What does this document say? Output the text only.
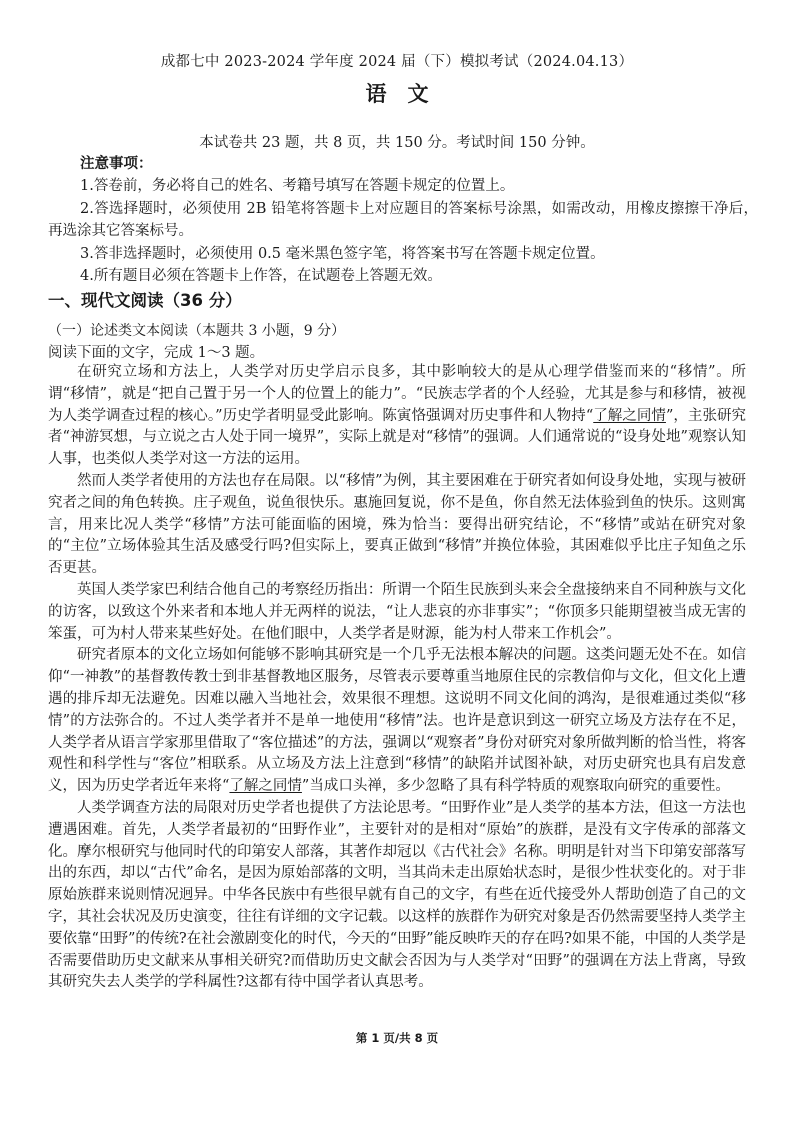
成都七中 2023-2024 学年度 2024 届（下）模拟考试（2024.04.13）
语　文
本试卷共 23 题，共 8 页，共 150 分。考试时间 150 分钟。
注意事项：
1.答卷前，务必将自己的姓名、考籍号填写在答题卡规定的位置上。
2.答选择题时，必须使用 2B 铅笔将答题卡上对应题目的答案标号涂黑，如需改动，用橡皮擦擦干净后，再选涂其它答案标号。
3.答非选择题时，必须使用 0.5 毫米黑色签字笔，将答案书写在答题卡规定位置。
4.所有题目必须在答题卡上作答，在试题卷上答题无效。
一、现代文阅读（36 分）
（一）论述类文本阅读（本题共 3 小题，9 分）
阅读下面的文字，完成 1～3 题。

在研究立场和方法上，人类学对历史学启示良多，其中影响较大的是从心理学借鉴而来的“移情”。所谓“移情”，就是“把自己置于另一个人的位置上的能力”。“民族志学者的个人经验，尤其是参与和移情，被视为人类学调查过程的核心。”历史学者明显受此影响。陈寅恪强调对历史事件和人物持“了解之同情”，主张研究者“神游冥想，与立说之古人处于同一境界”，实际上就是对“移情”的强调。人们通常说的“设身处地”观察认知人事，也类似人类学对这一方法的运用。

然而人类学者使用的方法也存在局限。以“移情”为例，其主要困难在于研究者如何设身处地，实现与被研究者之间的角色转换。庄子观鱼，说鱼很快乐。惠施回复说，你不是鱼，你自然无法体验到鱼的快乐。这则寓言，用来比况人类学“移情”方法可能面临的困境，殊为恰当：要得出研究结论，不“移情”或站在研究对象的“主位”立场体验其生活及感受行吗?但实际上，要真正做到“移情”并换位体验，其困难似乎比庄子知鱼之乐否更甚。

英国人类学家巴利结合他自己的考察经历指出：所谓一个陌生民族到头来会全盘接纳来自不同种族与文化的访客，以致这个外来者和本地人并无两样的说法，“让人悲哀的亦非事实”；“你顶多只能期望被当成无害的笨蛋，可为村人带来某些好处。在他们眼中，人类学者是财源，能为村人带来工作机会”。

研究者原本的文化立场如何能够不影响其研究是一个几乎无法根本解决的问题。这类问题无处不在。如信仰“一神教”的基督教传教士到非基督教地区服务，尽管表示要尊重当地原住民的宗教信仰与文化，但文化上遭遇的排斥却无法避免。因难以融入当地社会，效果很不理想。这说明不同文化间的鸿沟，是很难通过类似“移情”的方法弥合的。不过人类学者并不是单一地使用“移情”法。也许是意识到这一研究立场及方法存在不足，人类学者从语言学家那里借取了“客位描述”的方法，强调以“观察者”身份对研究对象所做判断的恰当性，将客观性和科学性与“客位”相联系。从立场及方法上注意到“移情”的缺陷并试图补缺，对历史研究也具有启发意义，因为历史学者近年来将“了解之同情”当成口头禅，多少忽略了具有科学特质的观察取向研究的重要性。

人类学调查方法的局限对历史学者也提供了方法论思考。“田野作业”是人类学的基本方法，但这一方法也遭遇困难。首先，人类学者最初的“田野作业”，主要针对的是相对“原始”的族群，是没有文字传承的部落文化。摩尔根研究与他同时代的印第安人部落，其著作却冠以《古代社会》名称。明明是针对当下印第安部落写出的东西，却以“古代”命名，是因为原始部落的文明，当其尚未走出原始状态时，是很少性状变化的。对于非原始族群来说则情况迥异。中华各民族中有些很早就有自己的文字，有些在近代接受外人帮助创造了自己的文字，其社会状况及历史演变，往往有详细的文字记载。以这样的族群作为研究对象是否仍然需要坚持人类学主要依靠“田野”的传统?在社会激剧变化的时代，今天的“田野”能反映昨天的存在吗?如果不能，中国的人类学是否需要借助历史文献来从事相关研究?而借助历史文献会否因为与人类学对“田野”的强调在方法上背离，导致其研究失去人类学的学科属性?这都有待中国学者认真思考。

第 1 页/共 8 页
